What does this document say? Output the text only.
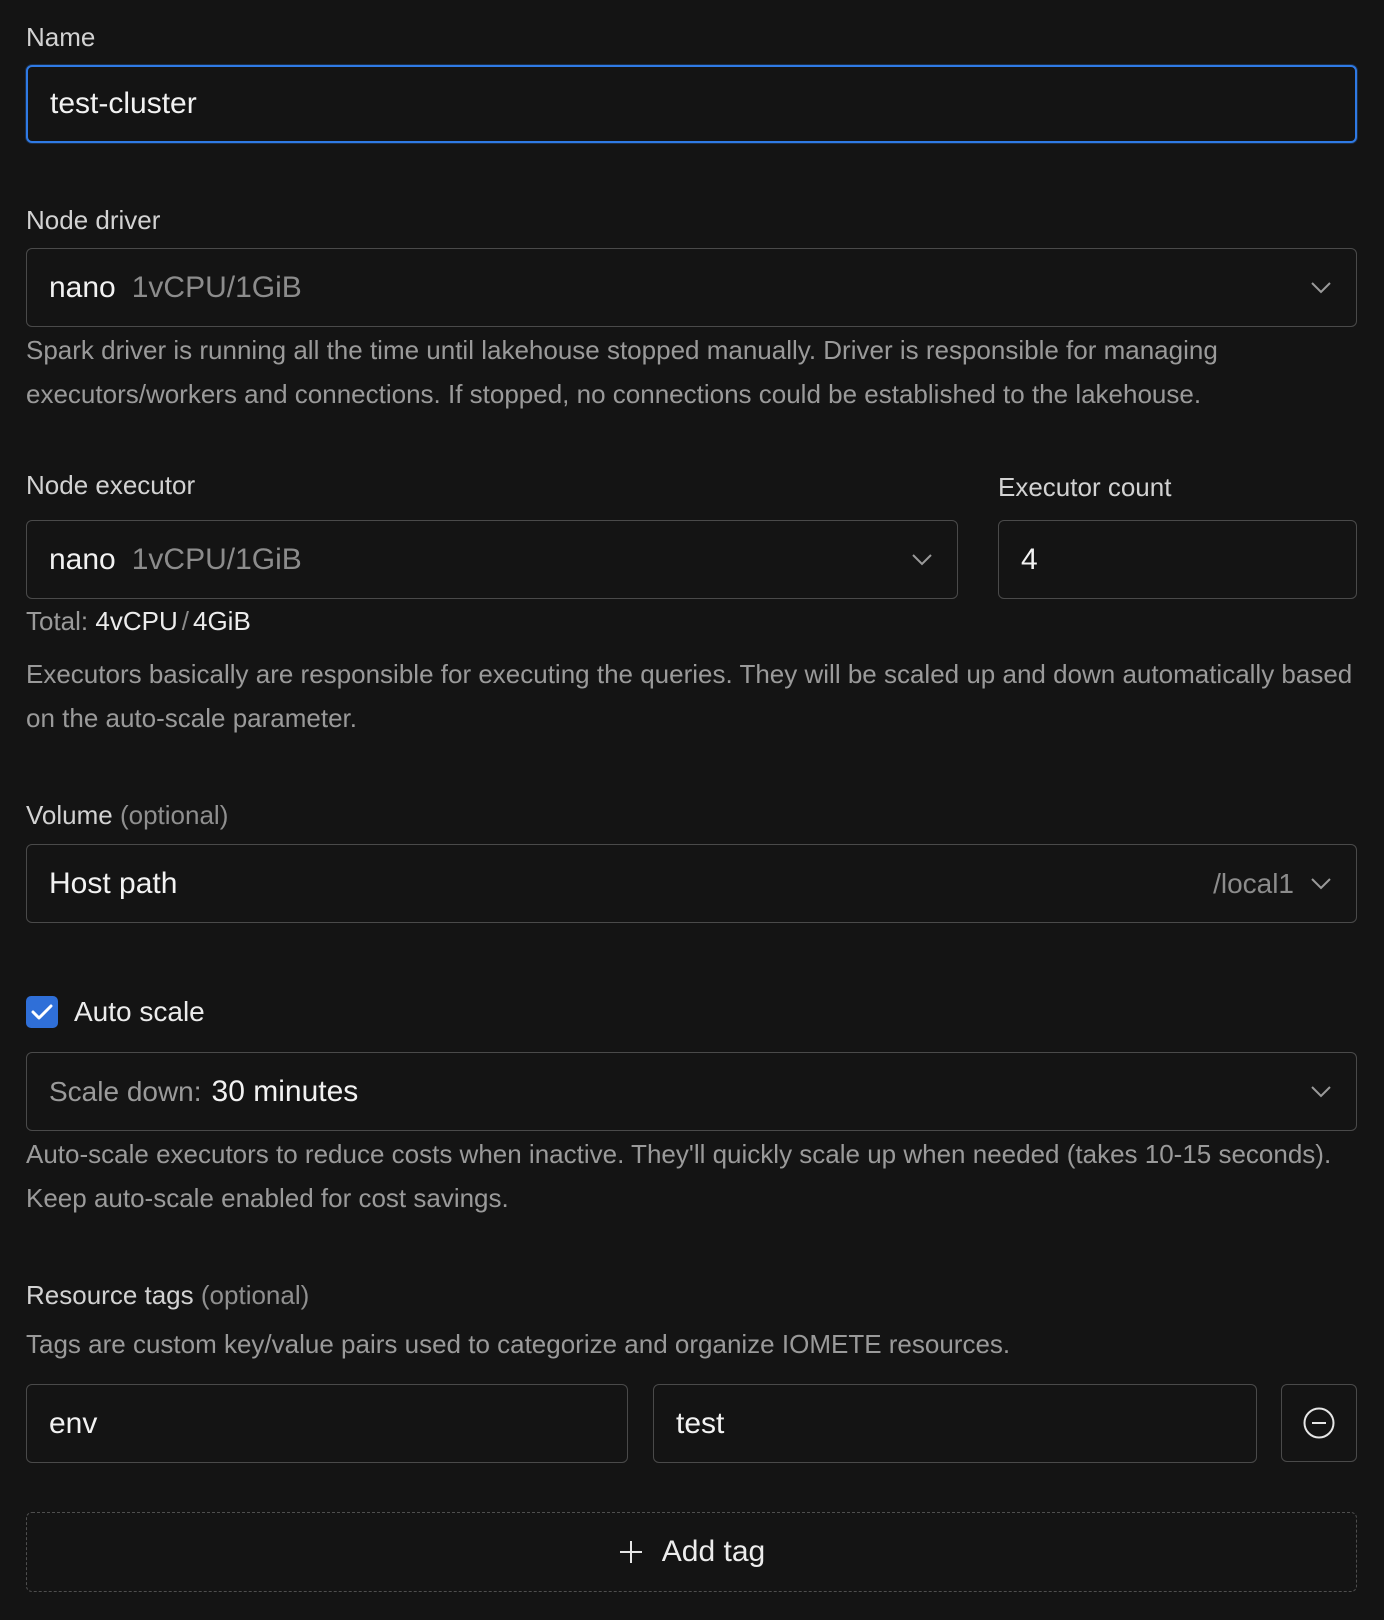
Name
test-cluster
Node driver
nano 1vCPU/1GiB
Spark driver is running all the time until lakehouse stopped manually. Driver is responsible for managing executors/workers and connections. If stopped, no connections could be established to the lakehouse.
Node executor
nano 1vCPU/1GiB
Executor count
4
Total: 4vCPU / 4GiB
Executors basically are responsible for executing the queries. They will be scaled up and down automatically based on the auto-scale parameter.
Volume (optional)
Host path	/local1
Auto scale
Scale down: 30 minutes
Auto-scale executors to reduce costs when inactive. They'll quickly scale up when needed (takes 10-15 seconds). Keep auto-scale enabled for cost savings.
Resource tags (optional)
Tags are custom key/value pairs used to categorize and organize IOMETE resources.
env	test
Add tag
